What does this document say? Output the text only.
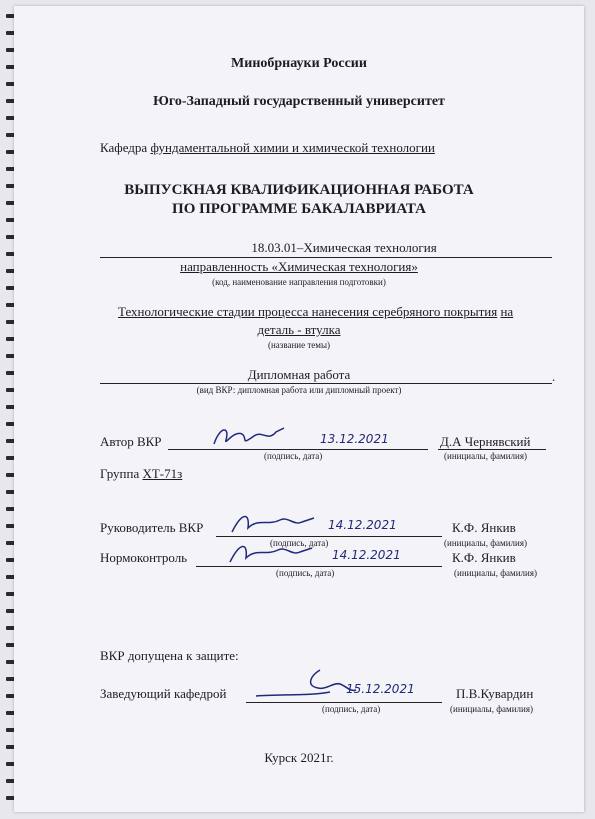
Минобрнауки России
Юго-Западный государственный университет
Кафедра фундаментальной химии и химической технологии
ВЫПУСКНАЯ КВАЛИФИКАЦИОННАЯ РАБОТА
ПО ПРОГРАММЕ БАКАЛАВРИАТА
18.03.01–Химическая технология
направленность «Химическая технология»
(код, наименование направления подготовки)
Технологические стадии процесса нанесения серебряного покрытия на
деталь - втулка
(название темы)
Дипломная работа	.
(вид ВКР: дипломная работа или дипломный проект)
Автор ВКР	13.12.2021	Д.А Чернявский
(подпись, дата)	(инициалы, фамилия)
Группа ХТ-71з
Руководитель ВКР	14.12.2021	К.Ф. Янкив
(подпись, дата)	(инициалы, фамилия)
Нормоконтроль	14.12.2021	К.Ф. Янкив
(подпись, дата)	(инициалы, фамилия)
ВКР допущена к защите:
Заведующий кафедрой	15.12.2021	П.В.Кувардин
(подпись, дата)	(инициалы, фамилия)
Курск 2021г.
